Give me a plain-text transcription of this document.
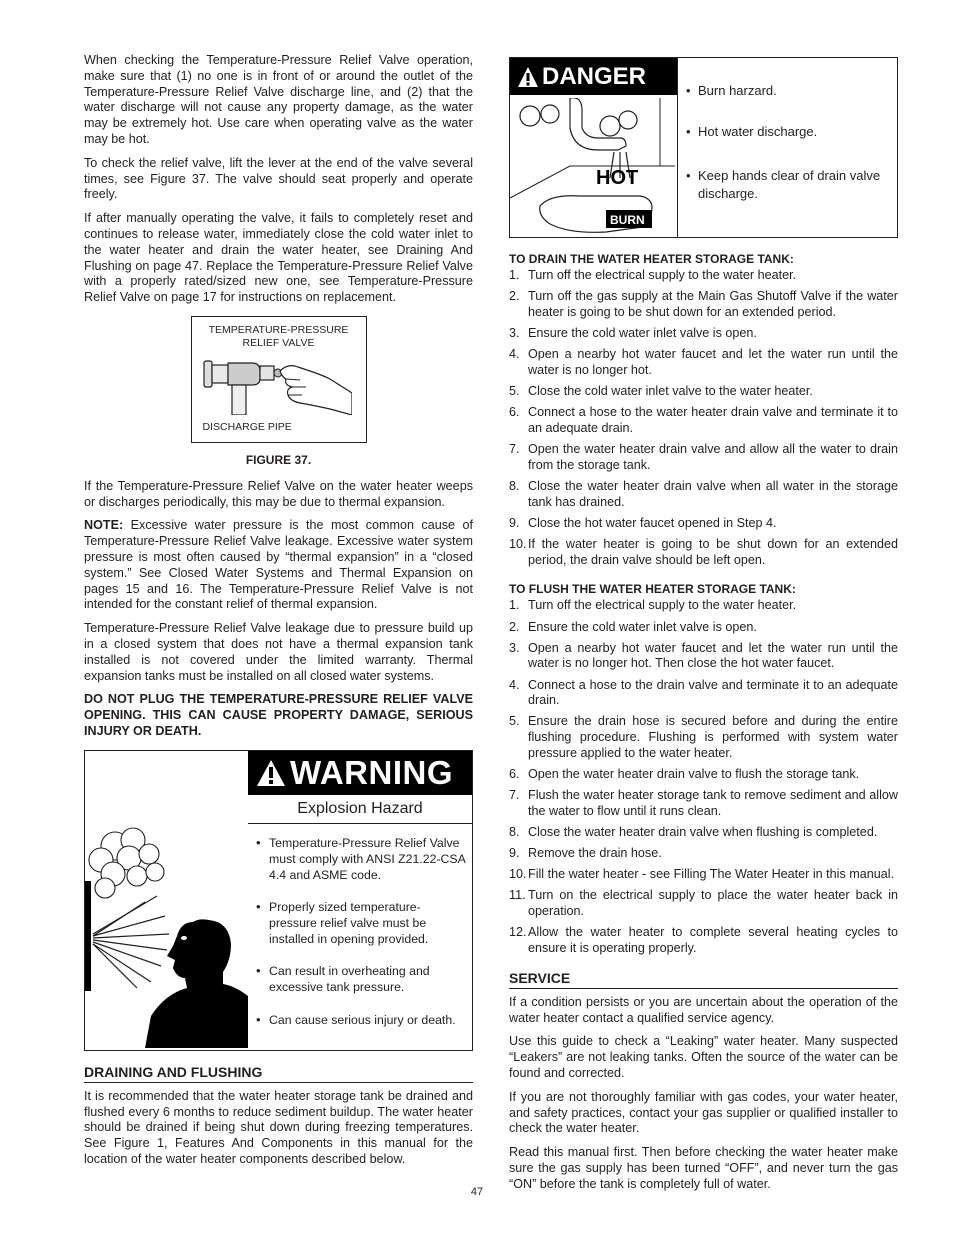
When checking the Temperature-Pressure Relief Valve operation, make sure that (1) no one is in front of or around the outlet of the Temperature-Pressure Relief Valve discharge line, and (2) that the water discharge will not cause any property damage, as the water may be extremely hot. Use care when operating valve as the water may be hot.

To check the relief valve, lift the lever at the end of the valve several times, see Figure 37. The valve should seat properly and operate freely.

If after manually operating the valve, it fails to completely reset and continues to release water, immediately close the cold water inlet to the water heater and drain the water heater, see Draining And Flushing on page 47. Replace the Temperature-Pressure Relief Valve with a properly rated/sized new one, see Temperature-Pressure Relief Valve on page 17 for instructions on replacement.

TEMPERATURE-PRESSURE RELIEF VALVE
DISCHARGE PIPE
FIGURE 37.

If the Temperature-Pressure Relief Valve on the water heater weeps or discharges periodically, this may be due to thermal expansion.

NOTE: Excessive water pressure is the most common cause of Temperature-Pressure Relief Valve leakage. Excessive water system pressure is most often caused by “thermal expansion” in a “closed system.” See Closed Water Systems and Thermal Expansion on pages 15 and 16. The Temperature-Pressure Relief Valve is not intended for the constant relief of thermal expansion.

Temperature-Pressure Relief Valve leakage due to pressure build up in a closed system that does not have a thermal expansion tank installed is not covered under the limited warranty. Thermal expansion tanks must be installed on all closed water systems.

DO NOT PLUG THE TEMPERATURE-PRESSURE RELIEF VALVE OPENING. THIS CAN CAUSE PROPERTY DAMAGE, SERIOUS INJURY OR DEATH.

WARNING
Explosion Hazard
• Temperature-Pressure Relief Valve must comply with ANSI Z21.22-CSA 4.4 and ASME code.
• Properly sized temperature-pressure relief valve must be installed in opening provided.
• Can result in overheating and excessive tank pressure.
• Can cause serious injury or death.
DRAINING AND FLUSHING

It is recommended that the water heater storage tank be drained and flushed every 6 months to reduce sediment buildup. The water heater should be drained if being shut down during freezing temperatures. See Figure 1, Features And Components in this manual for the location of the water heater components described below.

DANGER
HOT
BURN
• Burn harzard.
• Hot water discharge.
• Keep hands clear of drain valve discharge.
TO DRAIN THE WATER HEATER STORAGE TANK:
1. Turn off the electrical supply to the water heater.
2. Turn off the gas supply at the Main Gas Shutoff Valve if the water heater is going to be shut down for an extended period.
3. Ensure the cold water inlet valve is open.
4. Open a nearby hot water faucet and let the water run until the water is no longer hot.
5. Close the cold water inlet valve to the water heater.
6. Connect a hose to the water heater drain valve and terminate it to an adequate drain.
7. Open the water heater drain valve and allow all the water to drain from the storage tank.
8. Close the water heater drain valve when all water in the storage tank has drained.
9. Close the hot water faucet opened in Step 4.
10. If the water heater is going to be shut down for an extended period, the drain valve should be left open.
TO FLUSH THE WATER HEATER STORAGE TANK:
1. Turn off the electrical supply to the water heater.
2. Ensure the cold water inlet valve is open.
3. Open a nearby hot water faucet and let the water run until the water is no longer hot. Then close the hot water faucet.
4. Connect a hose to the drain valve and terminate it to an adequate drain.
5. Ensure the drain hose is secured before and during the entire flushing procedure. Flushing is performed with system water pressure applied to the water heater.
6. Open the water heater drain valve to flush the storage tank.
7. Flush the water heater storage tank to remove sediment and allow the water to flow until it runs clean.
8. Close the water heater drain valve when flushing is completed.
9. Remove the drain hose.
10. Fill the water heater - see Filling The Water Heater in this manual.
11. Turn on the electrical supply to place the water heater back in operation.
12. Allow the water heater to complete several heating cycles to ensure it is operating properly.
SERVICE

If a condition persists or you are uncertain about the operation of the water heater contact a qualified service agency.

Use this guide to check a “Leaking” water heater. Many suspected “Leakers” are not leaking tanks. Often the source of the water can be found and corrected.

If you are not thoroughly familiar with gas codes, your water heater, and safety practices, contact your gas supplier or qualified installer to check the water heater.

Read this manual first. Then before checking the water heater make sure the gas supply has been turned “OFF”, and never turn the gas “ON” before the tank is completely full of water.

47
